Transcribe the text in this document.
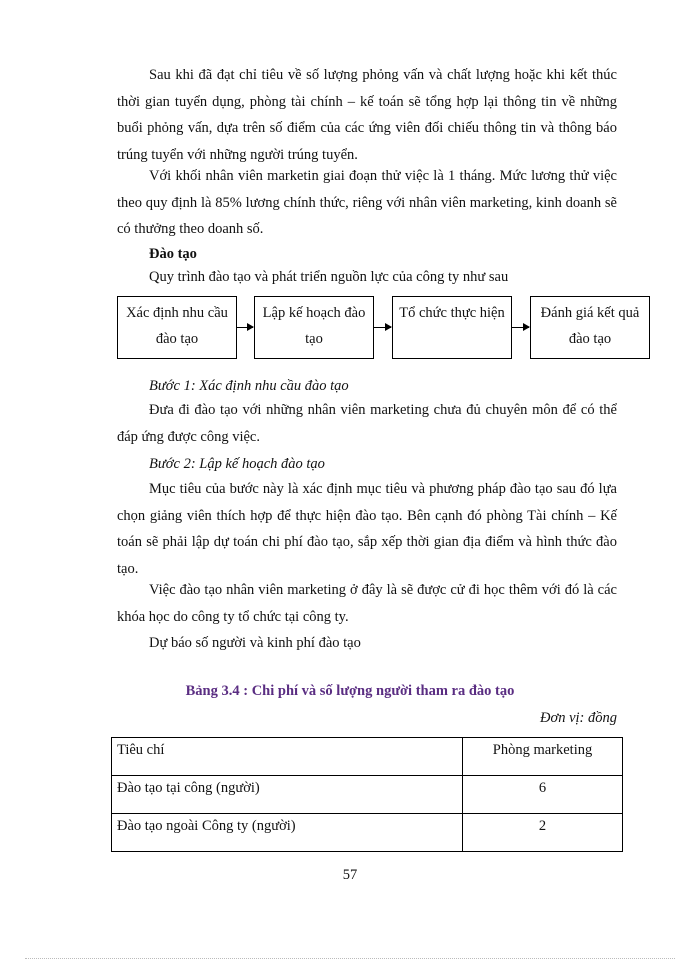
Sau khi đã đạt chỉ tiêu về số lượng phỏng vấn và chất lượng hoặc khi kết thúc thời gian tuyển dụng, phòng tài chính – kế toán sẽ tổng hợp lại thông tin về những buổi phỏng vấn, dựa trên số điểm của các ứng viên đối chiếu thông tin và thông báo trúng tuyển với những người trúng tuyển.

Với khối nhân viên marketin giai đoạn thử việc là 1 tháng. Mức lương thử việc theo quy định là 85% lương chính thức, riêng với nhân viên marketing, kinh doanh sẽ có thưởng theo doanh số.

Đào tạo

Quy trình đào tạo và phát triển nguồn lực của công ty như sau

Xác định nhu cầu đào tạo
Lập kế hoạch đào tạo
Tổ chức thực hiện	Đánh giá kết quả đào tạo

Bước 1: Xác định nhu cầu đào tạo

Đưa đi đào tạo với những nhân viên marketing chưa đủ chuyên môn để có thể đáp ứng được công việc.

Bước 2: Lập kế hoạch đào tạo

Mục tiêu của bước này là xác định mục tiêu và phương pháp đào tạo sau đó lựa chọn giảng viên thích hợp để thực hiện đào tạo. Bên cạnh đó phòng Tài chính – Kế toán sẽ phải lập dự toán chi phí đào tạo, sắp xếp thời gian địa điểm và hình thức đào tạo.

Việc đào tạo nhân viên marketing ở đây là sẽ được cử đi học thêm với đó là các khóa học do công ty tổ chức tại công ty.

Dự báo số người và kinh phí đào tạo

Bảng 3.4 : Chi phí và số lượng người tham ra đào tạo

Đơn vị: đồng

Tiêu chí	Phòng marketing
Đào tạo tại công (người)	6
Đào tạo ngoài Công ty (người)	2

57
